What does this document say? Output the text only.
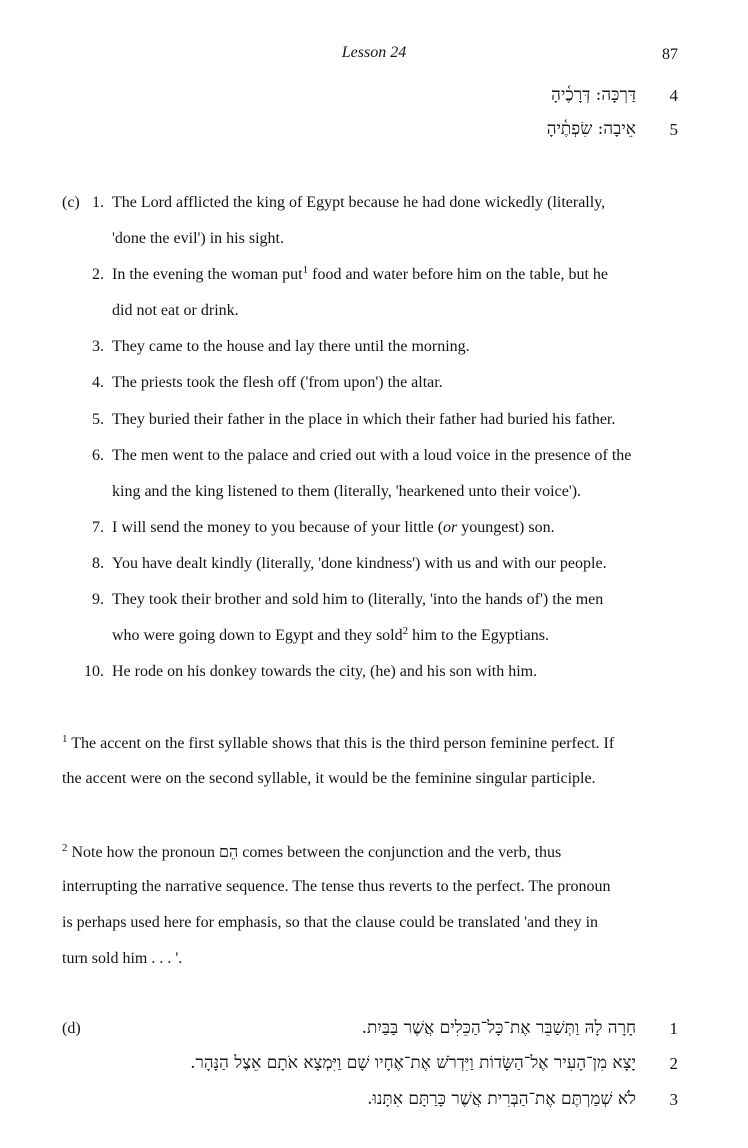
Lesson 24	87
דַּרְכָּה: דְּרָכֶ֫יהָ 4
אֵיבָה: שִׂפְתֶ֫יהָ 5
(c) 1. The Lord afflicted the king of Egypt because he had done wickedly (literally,
'done the evil') in his sight.
2. In the evening the woman put$^1$ food and water before him on the table, but he
did not eat or drink.
3. They came to the house and lay there until the morning.
4. The priests took the flesh off ('from upon') the altar.
5. They buried their father in the place in which their father had buried his father.
6. The men went to the palace and cried out with a loud voice in the presence of the
king and the king listened to them (literally, 'hearkened unto their voice').
7. I will send the money to you because of your little (or youngest) son.
8. You have dealt kindly (literally, 'done kindness') with us and with our people.
9. They took their brother and sold him to (literally, 'into the hands of') the men
who were going down to Egypt and they sold$^2$ him to the Egyptians.
10. He rode on his donkey towards the city, (he) and his son with him.
$^1$ The accent on the first syllable shows that this is the third person feminine perfect. If
the accent were on the second syllable, it would be the feminine singular participle.
$^2$ Note how the pronoun הֵם comes between the conjunction and the verb, thus
interrupting the narrative sequence. The tense thus reverts to the perfect. The pronoun
is perhaps used here for emphasis, so that the clause could be translated 'and they in
turn sold him . . . '.
(d)	חָרָה לָהּ וַתְּשַׁבֵּר אֶת־כָּל־הַכֵּלִים אֲשֶׁר בַּבַּיִת. 1
יָצָא מִן־הָעִיר אֶל־הַשָּׂדוֹת וַיִּדְרֹשׁ אֶת־אֶחָיו שָׁם וַיִּמְצָא אֹתָם אֵצֶל הַנָּהָר. 2
לֹא שְׁמַרְתֶּם אֶת־הַבְּרִית אֲשֶׁר כָּרַתָּם אִתָּנוּ. 3
